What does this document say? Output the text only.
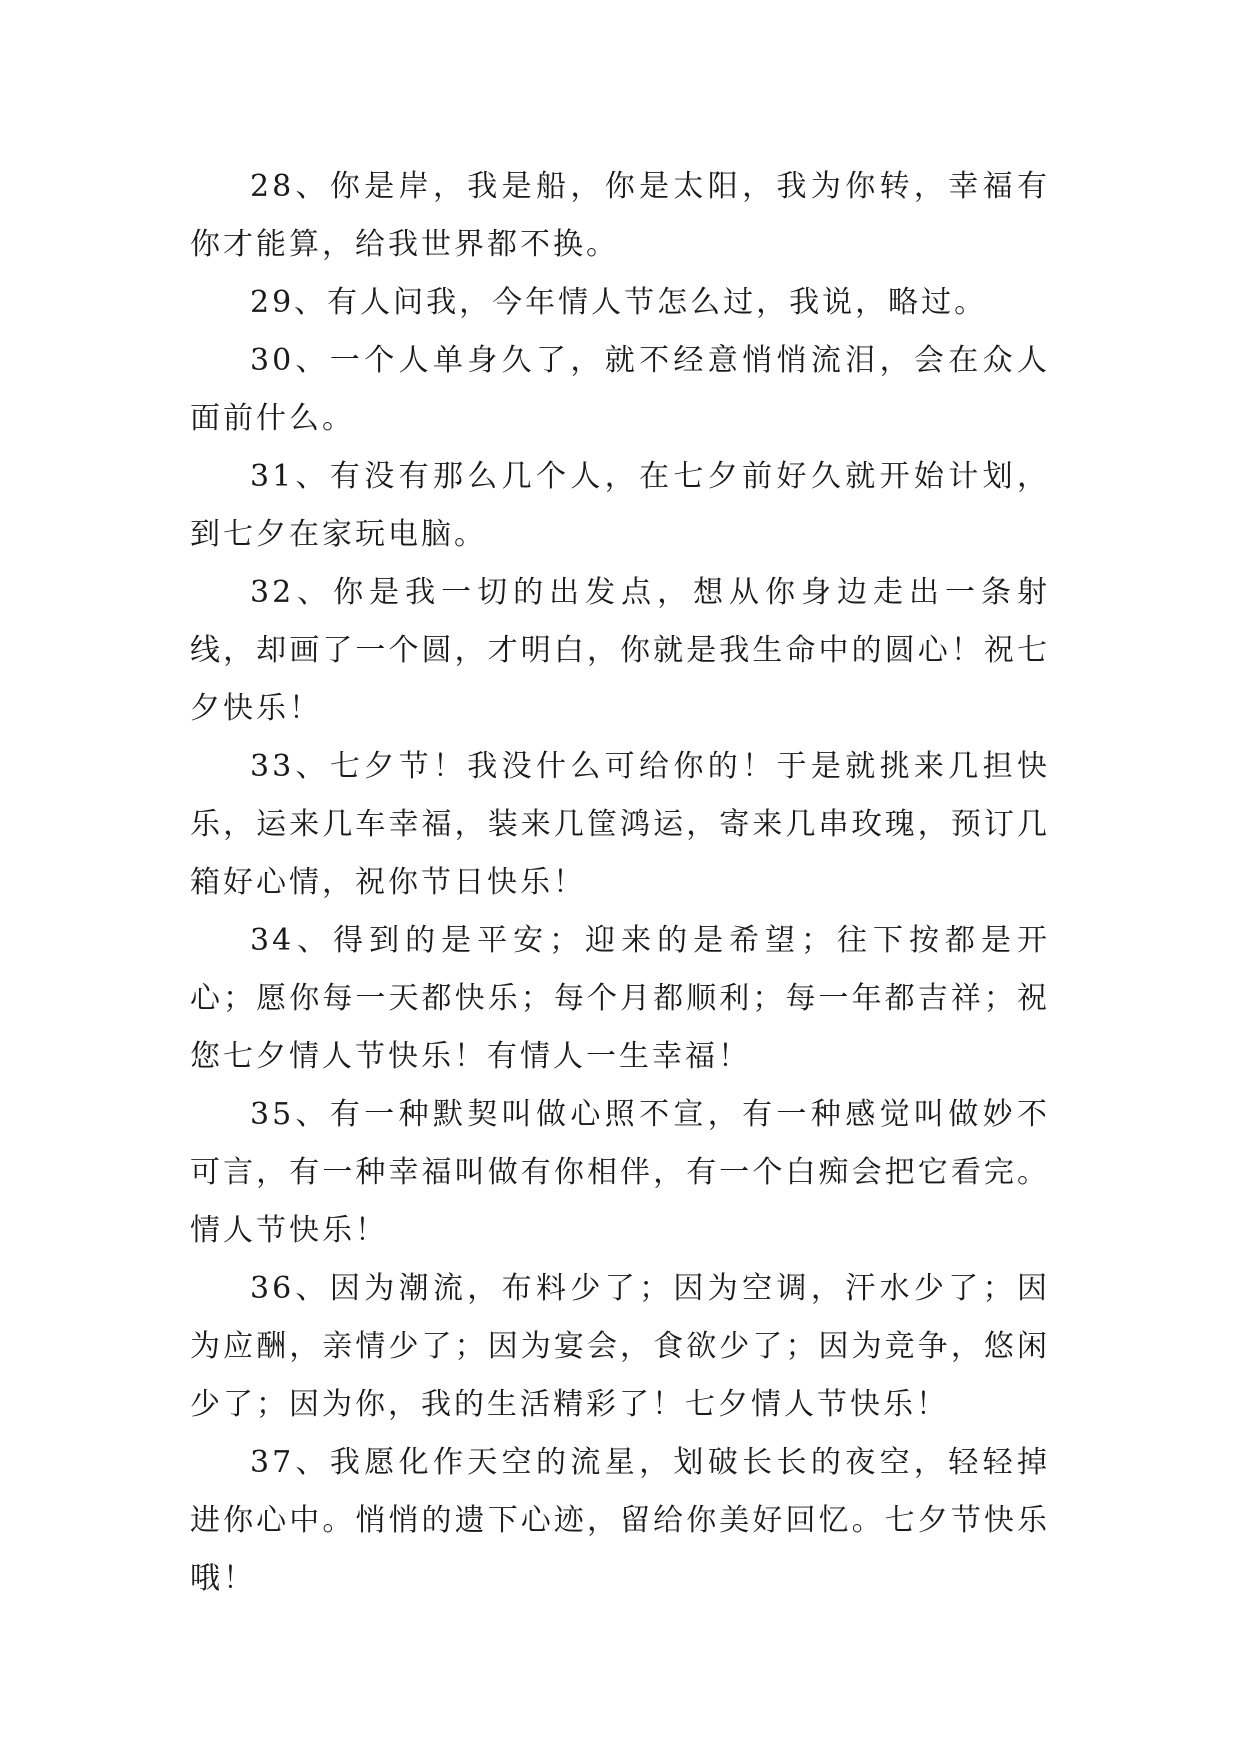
28、你是岸，我是船，你是太阳，我为你转，幸福有你才能算，给我世界都不换。

29、有人问我，今年情人节怎么过，我说，略过。

30、一个人单身久了，就不经意悄悄流泪，会在众人面前什么。

31、有没有那么几个人，在七夕前好久就开始计划，到七夕在家玩电脑。

32、你是我一切的出发点，想从你身边走出一条射线，却画了一个圆，才明白，你就是我生命中的圆心！祝七夕快乐！

33、七夕节！我没什么可给你的！于是就挑来几担快乐，运来几车幸福，装来几筐鸿运，寄来几串玫瑰，预订几箱好心情，祝你节日快乐！

34、得到的是平安；迎来的是希望；往下按都是开心；愿你每一天都快乐；每个月都顺利；每一年都吉祥；祝您七夕情人节快乐！有情人一生幸福！

35、有一种默契叫做心照不宣，有一种感觉叫做妙不可言，有一种幸福叫做有你相伴，有一个白痴会把它看完。情人节快乐！

36、因为潮流，布料少了；因为空调，汗水少了；因为应酬，亲情少了；因为宴会，食欲少了；因为竞争，悠闲少了；因为你，我的生活精彩了！七夕情人节快乐！

37、我愿化作天空的流星，划破长长的夜空，轻轻掉进你心中。悄悄的遗下心迹，留给你美好回忆。七夕节快乐哦！
